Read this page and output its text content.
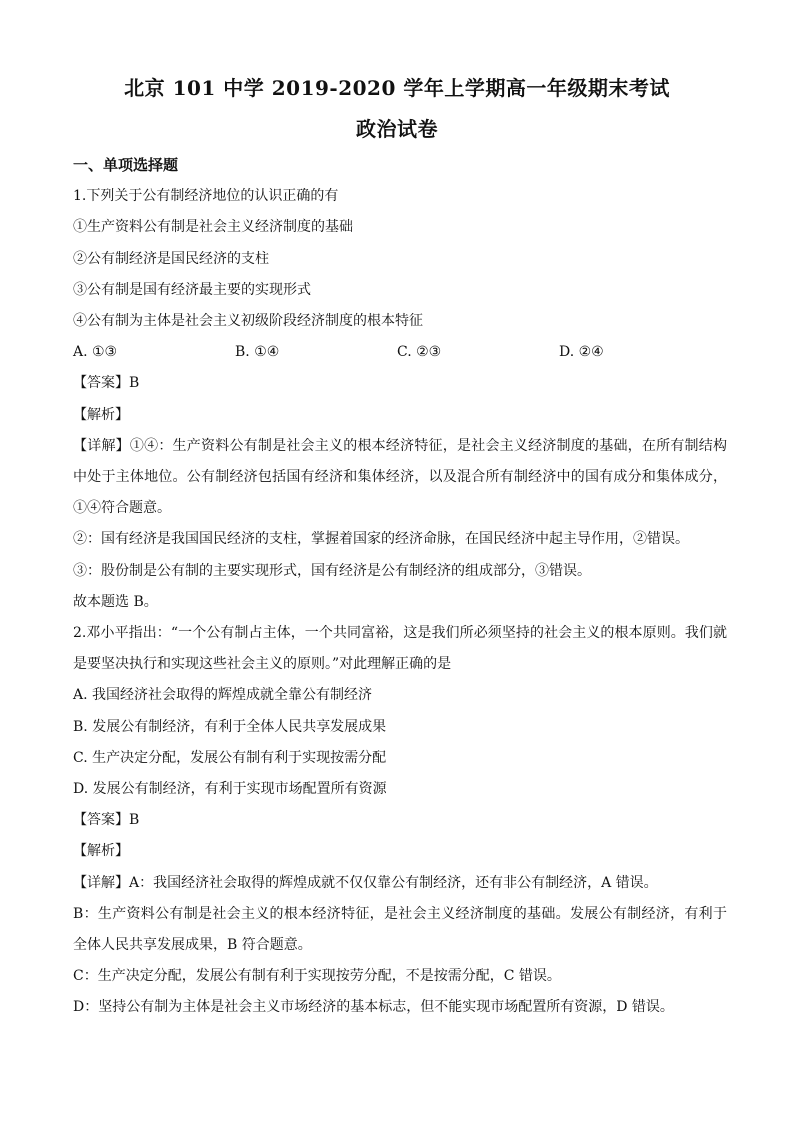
北京 101 中学 2019-2020 学年上学期高一年级期末考试
政治试卷
一、单项选择题
1.下列关于公有制经济地位的认识正确的有
①生产资料公有制是社会主义经济制度的基础
②公有制经济是国民经济的支柱
③公有制是国有经济最主要的实现形式
④公有制为主体是社会主义初级阶段经济制度的根本特征
A. ①③	B. ①④	C. ②③	D. ②④
【答案】B
【解析】
【详解】①④：生产资料公有制是社会主义的根本经济特征，是社会主义经济制度的基础，在所有制结构中处于主体地位。公有制经济包括国有经济和集体经济，以及混合所有制经济中的国有成分和集体成分，①④符合题意。
②：国有经济是我国国民经济的支柱，掌握着国家的经济命脉，在国民经济中起主导作用，②错误。
③：股份制是公有制的主要实现形式，国有经济是公有制经济的组成部分，③错误。
故本题选 B。
2.邓小平指出：“一个公有制占主体，一个共同富裕，这是我们所必须坚持的社会主义的根本原则。我们就是要坚决执行和实现这些社会主义的原则。”对此理解正确的是
A. 我国经济社会取得的辉煌成就全靠公有制经济
B. 发展公有制经济，有利于全体人民共享发展成果
C. 生产决定分配，发展公有制有利于实现按需分配
D. 发展公有制经济，有利于实现市场配置所有资源
【答案】B
【解析】
【详解】A：我国经济社会取得的辉煌成就不仅仅靠公有制经济，还有非公有制经济，A 错误。
B：生产资料公有制是社会主义的根本经济特征，是社会主义经济制度的基础。发展公有制经济，有利于全体人民共享发展成果，B 符合题意。
C：生产决定分配，发展公有制有利于实现按劳分配，不是按需分配，C 错误。
D：坚持公有制为主体是社会主义市场经济的基本标志，但不能实现市场配置所有资源，D 错误。
